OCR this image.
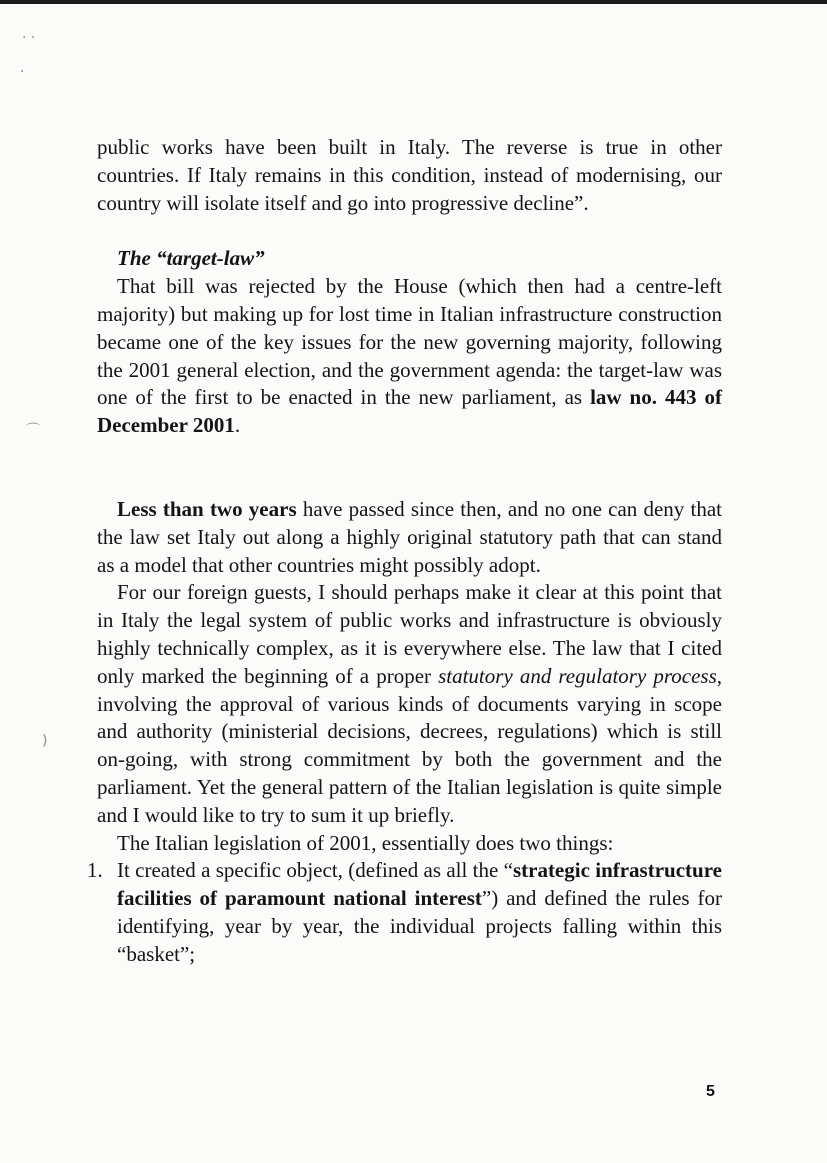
· ·
·
⌒
)

public works have been built in Italy. The reverse is true in other countries. If Italy remains in this condition, instead of modernising, our country will isolate itself and go into progressive decline”.

The “target-law”

That bill was rejected by the House (which then had a centre-left majority) but making up for lost time in Italian infrastructure construction became one of the key issues for the new governing majority, following the 2001 general election, and the government agenda: the target-law was one of the first to be enacted in the new parliament, as law no. 443 of December 2001.

Less than two years have passed since then, and no one can deny that the law set Italy out along a highly original statutory path that can stand as a model that other countries might possibly adopt.

For our foreign guests, I should perhaps make it clear at this point that in Italy the legal system of public works and infrastructure is obviously highly technically complex, as it is everywhere else. The law that I cited only marked the beginning of a proper statutory and regulatory process, involving the approval of various kinds of documents varying in scope and authority (ministerial decisions, decrees, regulations) which is still on-going, with strong commitment by both the government and the parliament. Yet the general pattern of the Italian legislation is quite simple and I would like to try to sum it up briefly.

The Italian legislation of 2001, essentially does two things:

1. It created a specific object, (defined as all the “strategic infrastructure facilities of paramount national interest”) and defined the rules for identifying, year by year, the individual projects falling within this “basket”;

5
